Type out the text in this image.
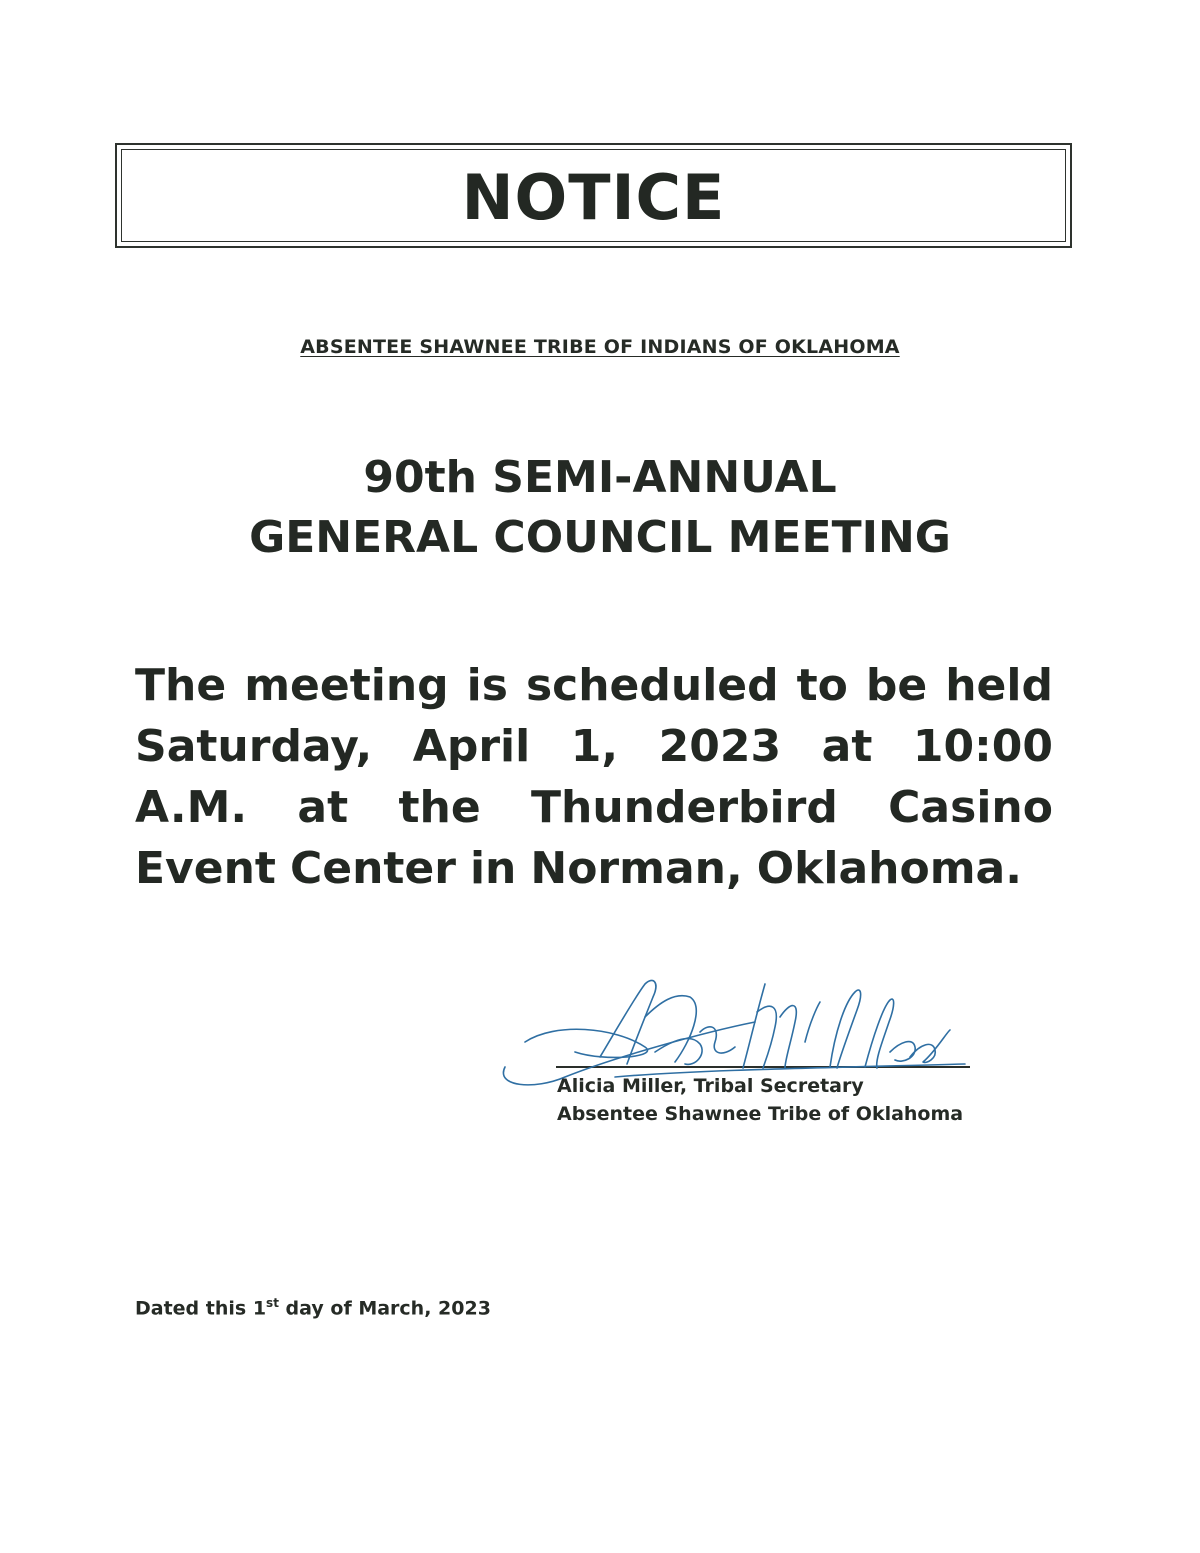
NOTICE
ABSENTEE SHAWNEE TRIBE OF INDIANS OF OKLAHOMA
90th SEMI-ANNUAL
GENERAL COUNCIL MEETING
The meeting is scheduled to be held
Saturday, April 1, 2023 at 10:00
A.M. at the Thunderbird Casino
Event Center in Norman, Oklahoma.
Alicia Miller, Tribal Secretary
Absentee Shawnee Tribe of Oklahoma
Dated this 1st day of March, 2023
